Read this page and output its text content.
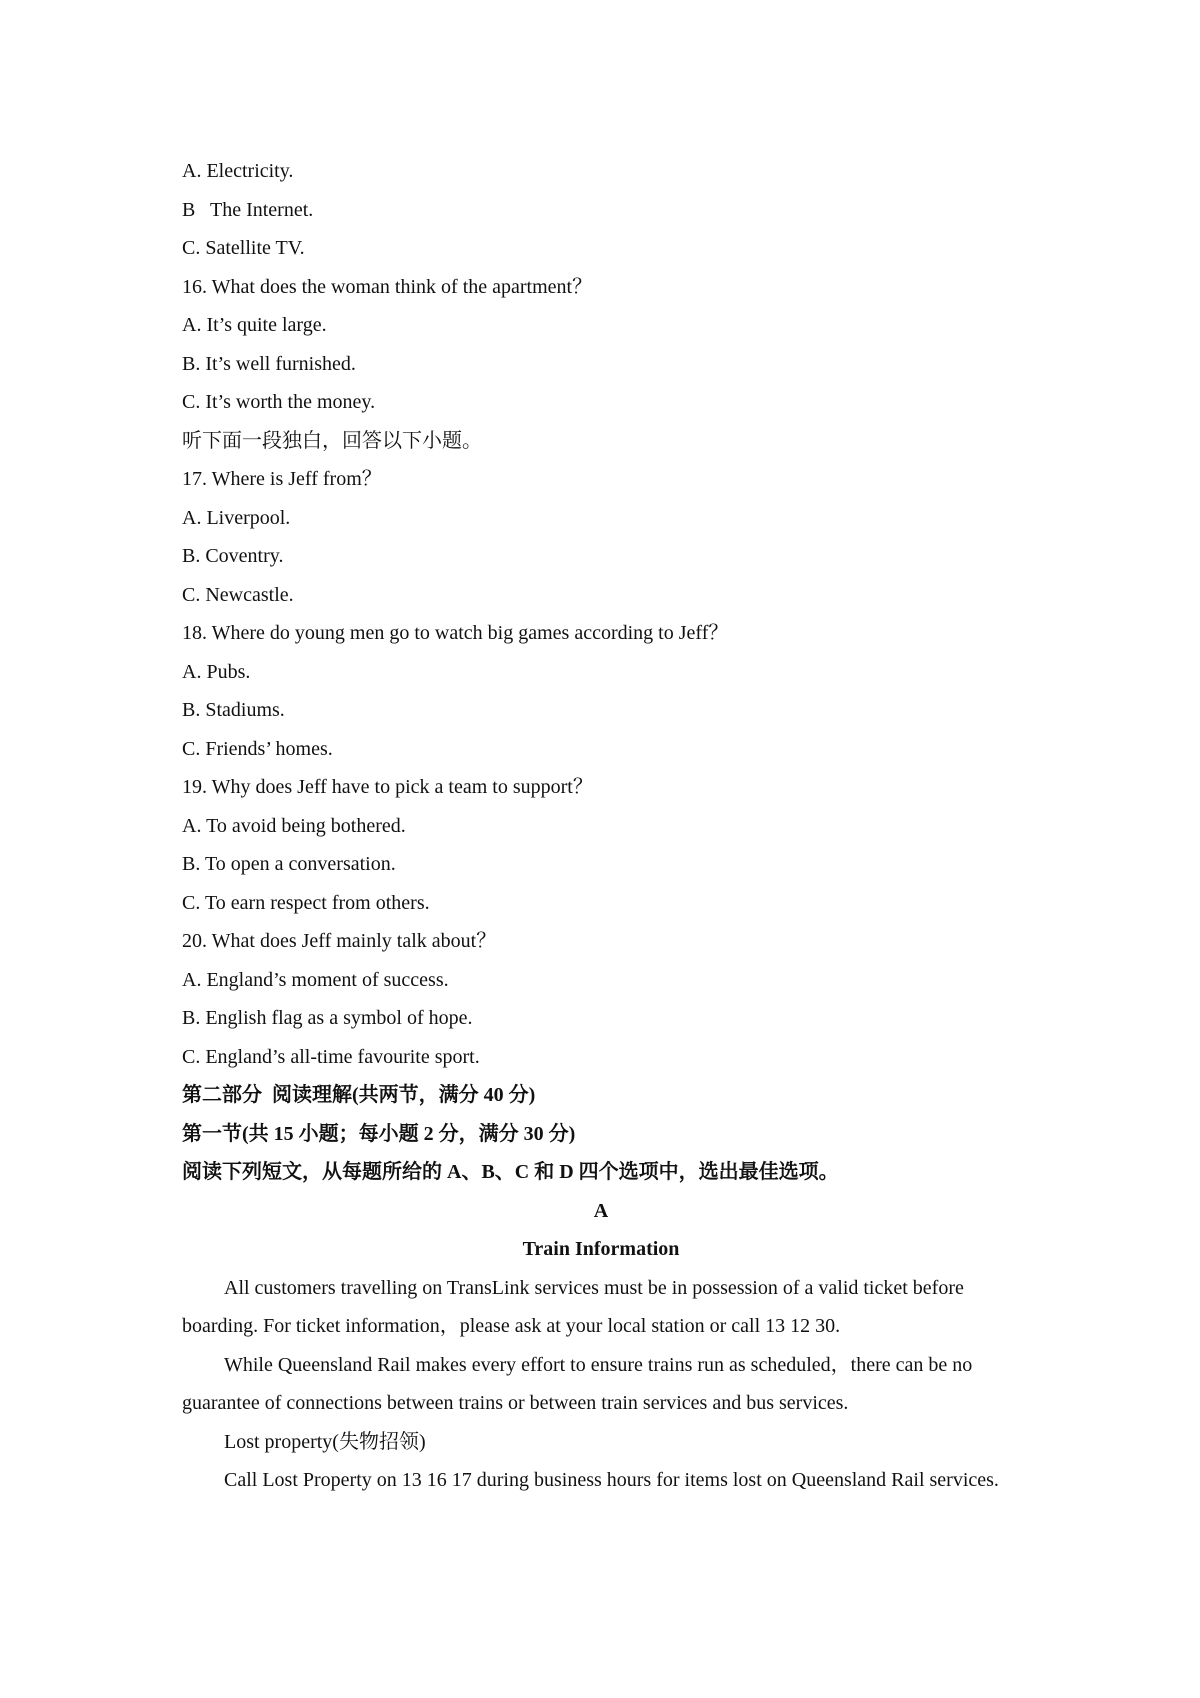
A. Electricity.
B   The Internet.
C. Satellite TV.
16. What does the woman think of the apartment？
A. It’s quite large.
B. It’s well furnished.
C. It’s worth the money.
听下面一段独白，回答以下小题。
17. Where is Jeff from？
A. Liverpool.
B. Coventry.
C. Newcastle.
18. Where do young men go to watch big games according to Jeff？
A. Pubs.
B. Stadiums.
C. Friends’ homes.
19. Why does Jeff have to pick a team to support？
A. To avoid being bothered.
B. To open a conversation.
C. To earn respect from others.
20. What does Jeff mainly talk about？
A. England’s moment of success.
B. English flag as a symbol of hope.
C. England’s all-time favourite sport.
第二部分  阅读理解(共两节，满分 40 分)
第一节(共 15 小题；每小题 2 分，满分 30 分)
阅读下列短文，从每题所给的 A、B、C 和 D 四个选项中，选出最佳选项。
A
Train Information
All customers travelling on TransLink services must be in possession of a valid ticket before boarding. For ticket information，please ask at your local station or call 13 12 30.
While Queensland Rail makes every effort to ensure trains run as scheduled，there can be no guarantee of connections between trains or between train services and bus services.
Lost property(失物招领)
Call Lost Property on 13 16 17 during business hours for items lost on Queensland Rail services.
